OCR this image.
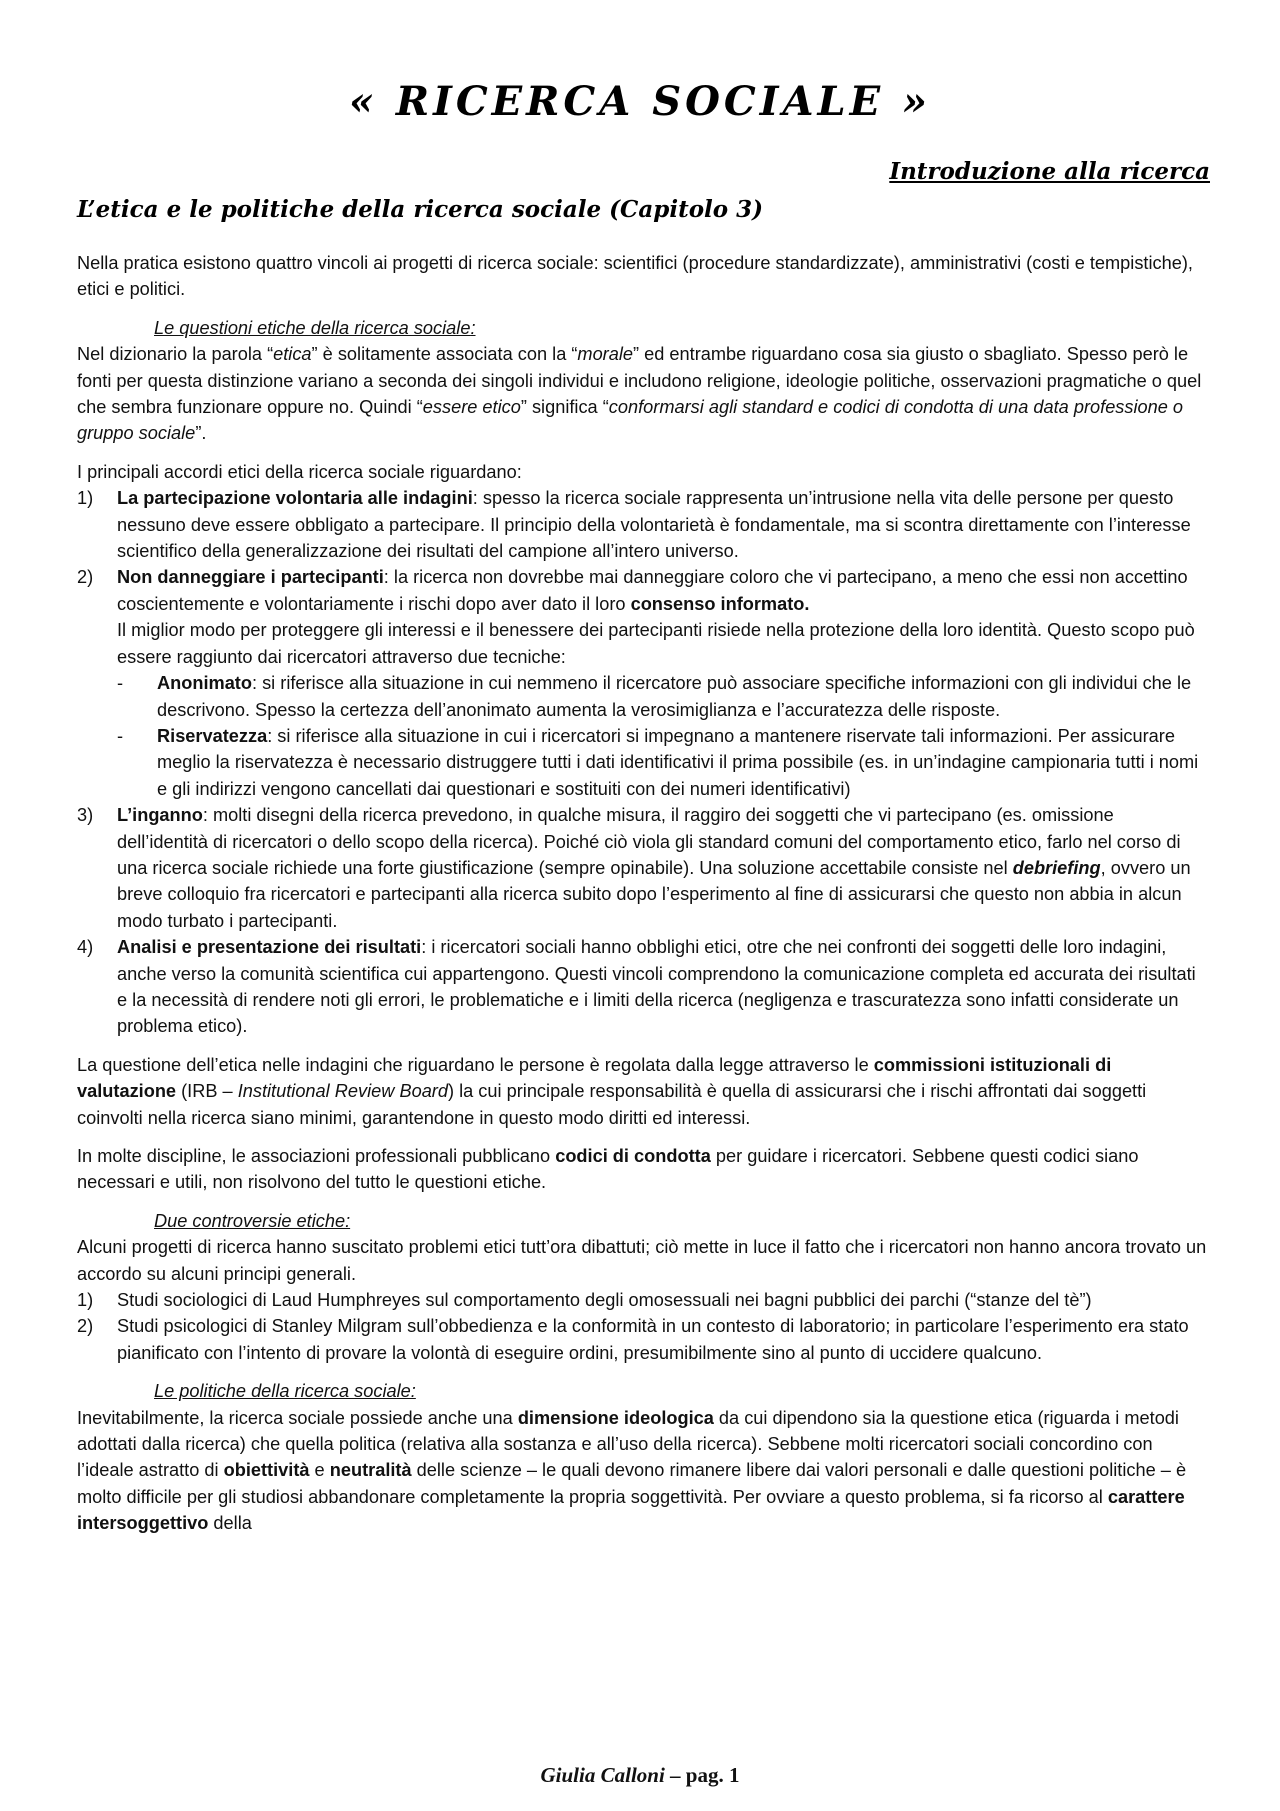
« RICERCA SOCIALE »
Introduzione alla ricerca
L’etica e le politiche della ricerca sociale (Capitolo 3)

Nella pratica esistono quattro vincoli ai progetti di ricerca sociale: scientifici (procedure standardizzate), amministrativi (costi e tempistiche), etici e politici.

Le questioni etiche della ricerca sociale:

Nel dizionario la parola “etica” è solitamente associata con la “morale” ed entrambe riguardano cosa sia giusto o sbagliato. Spesso però le fonti per questa distinzione variano a seconda dei singoli individui e includono religione, ideologie politiche, osservazioni pragmatiche o quel che sembra funzionare oppure no. Quindi “essere etico” significa “conformarsi agli standard e codici di condotta di una data professione o gruppo sociale”.

I principali accordi etici della ricerca sociale riguardano:

1) La partecipazione volontaria alle indagini: spesso la ricerca sociale rappresenta un’intrusione nella vita delle persone per questo nessuno deve essere obbligato a partecipare. Il principio della volontarietà è fondamentale, ma si scontra direttamente con l’interesse scientifico della generalizzazione dei risultati del campione all’intero universo.
2) Non danneggiare i partecipanti: la ricerca non dovrebbe mai danneggiare coloro che vi partecipano, a meno che essi non accettino coscientemente e volontariamente i rischi dopo aver dato il loro consenso informato.
Il miglior modo per proteggere gli interessi e il benessere dei partecipanti risiede nella protezione della loro identità. Questo scopo può essere raggiunto dai ricercatori attraverso due tecniche:
- Anonimato: si riferisce alla situazione in cui nemmeno il ricercatore può associare specifiche informazioni con gli individui che le descrivono. Spesso la certezza dell’anonimato aumenta la verosimiglianza e l’accuratezza delle risposte.
- Riservatezza: si riferisce alla situazione in cui i ricercatori si impegnano a mantenere riservate tali informazioni. Per assicurare meglio la riservatezza è necessario distruggere tutti i dati identificativi il prima possibile (es. in un’indagine campionaria tutti i nomi e gli indirizzi vengono cancellati dai questionari e sostituiti con dei numeri identificativi)
3) L’inganno: molti disegni della ricerca prevedono, in qualche misura, il raggiro dei soggetti che vi partecipano (es. omissione dell’identità di ricercatori o dello scopo della ricerca). Poiché ciò viola gli standard comuni del comportamento etico, farlo nel corso di una ricerca sociale richiede una forte giustificazione (sempre opinabile). Una soluzione accettabile consiste nel debriefing, ovvero un breve colloquio fra ricercatori e partecipanti alla ricerca subito dopo l’esperimento al fine di assicurarsi che questo non abbia in alcun modo turbato i partecipanti.
4) Analisi e presentazione dei risultati: i ricercatori sociali hanno obblighi etici, otre che nei confronti dei soggetti delle loro indagini, anche verso la comunità scientifica cui appartengono. Questi vincoli comprendono la comunicazione completa ed accurata dei risultati e la necessità di rendere noti gli errori, le problematiche e i limiti della ricerca (negligenza e trascuratezza sono infatti considerate un problema etico).

La questione dell’etica nelle indagini che riguardano le persone è regolata dalla legge attraverso le commissioni istituzionali di valutazione (IRB – Institutional Review Board) la cui principale responsabilità è quella di assicurarsi che i rischi affrontati dai soggetti coinvolti nella ricerca siano minimi, garantendone in questo modo diritti ed interessi.

In molte discipline, le associazioni professionali pubblicano codici di condotta per guidare i ricercatori. Sebbene questi codici siano necessari e utili, non risolvono del tutto le questioni etiche.

Due controversie etiche:

Alcuni progetti di ricerca hanno suscitato problemi etici tutt’ora dibattuti; ciò mette in luce il fatto che i ricercatori non hanno ancora trovato un accordo su alcuni principi generali.

1) Studi sociologici di Laud Humphreyes sul comportamento degli omosessuali nei bagni pubblici dei parchi (“stanze del tè”)
2) Studi psicologici di Stanley Milgram sull’obbedienza e la conformità in un contesto di laboratorio; in particolare l’esperimento era stato pianificato con l’intento di provare la volontà di eseguire ordini, presumibilmente sino al punto di uccidere qualcuno.
Le politiche della ricerca sociale:

Inevitabilmente, la ricerca sociale possiede anche una dimensione ideologica da cui dipendono sia la questione etica (riguarda i metodi adottati dalla ricerca) che quella politica (relativa alla sostanza e all’uso della ricerca). Sebbene molti ricercatori sociali concordino con l’ideale astratto di obiettività e neutralità delle scienze – le quali devono rimanere libere dai valori personali e dalle questioni politiche – è molto difficile per gli studiosi abbandonare completamente la propria soggettività. Per ovviare a questo problema, si fa ricorso al carattere intersoggettivo della

Giulia Calloni – pag. 1
